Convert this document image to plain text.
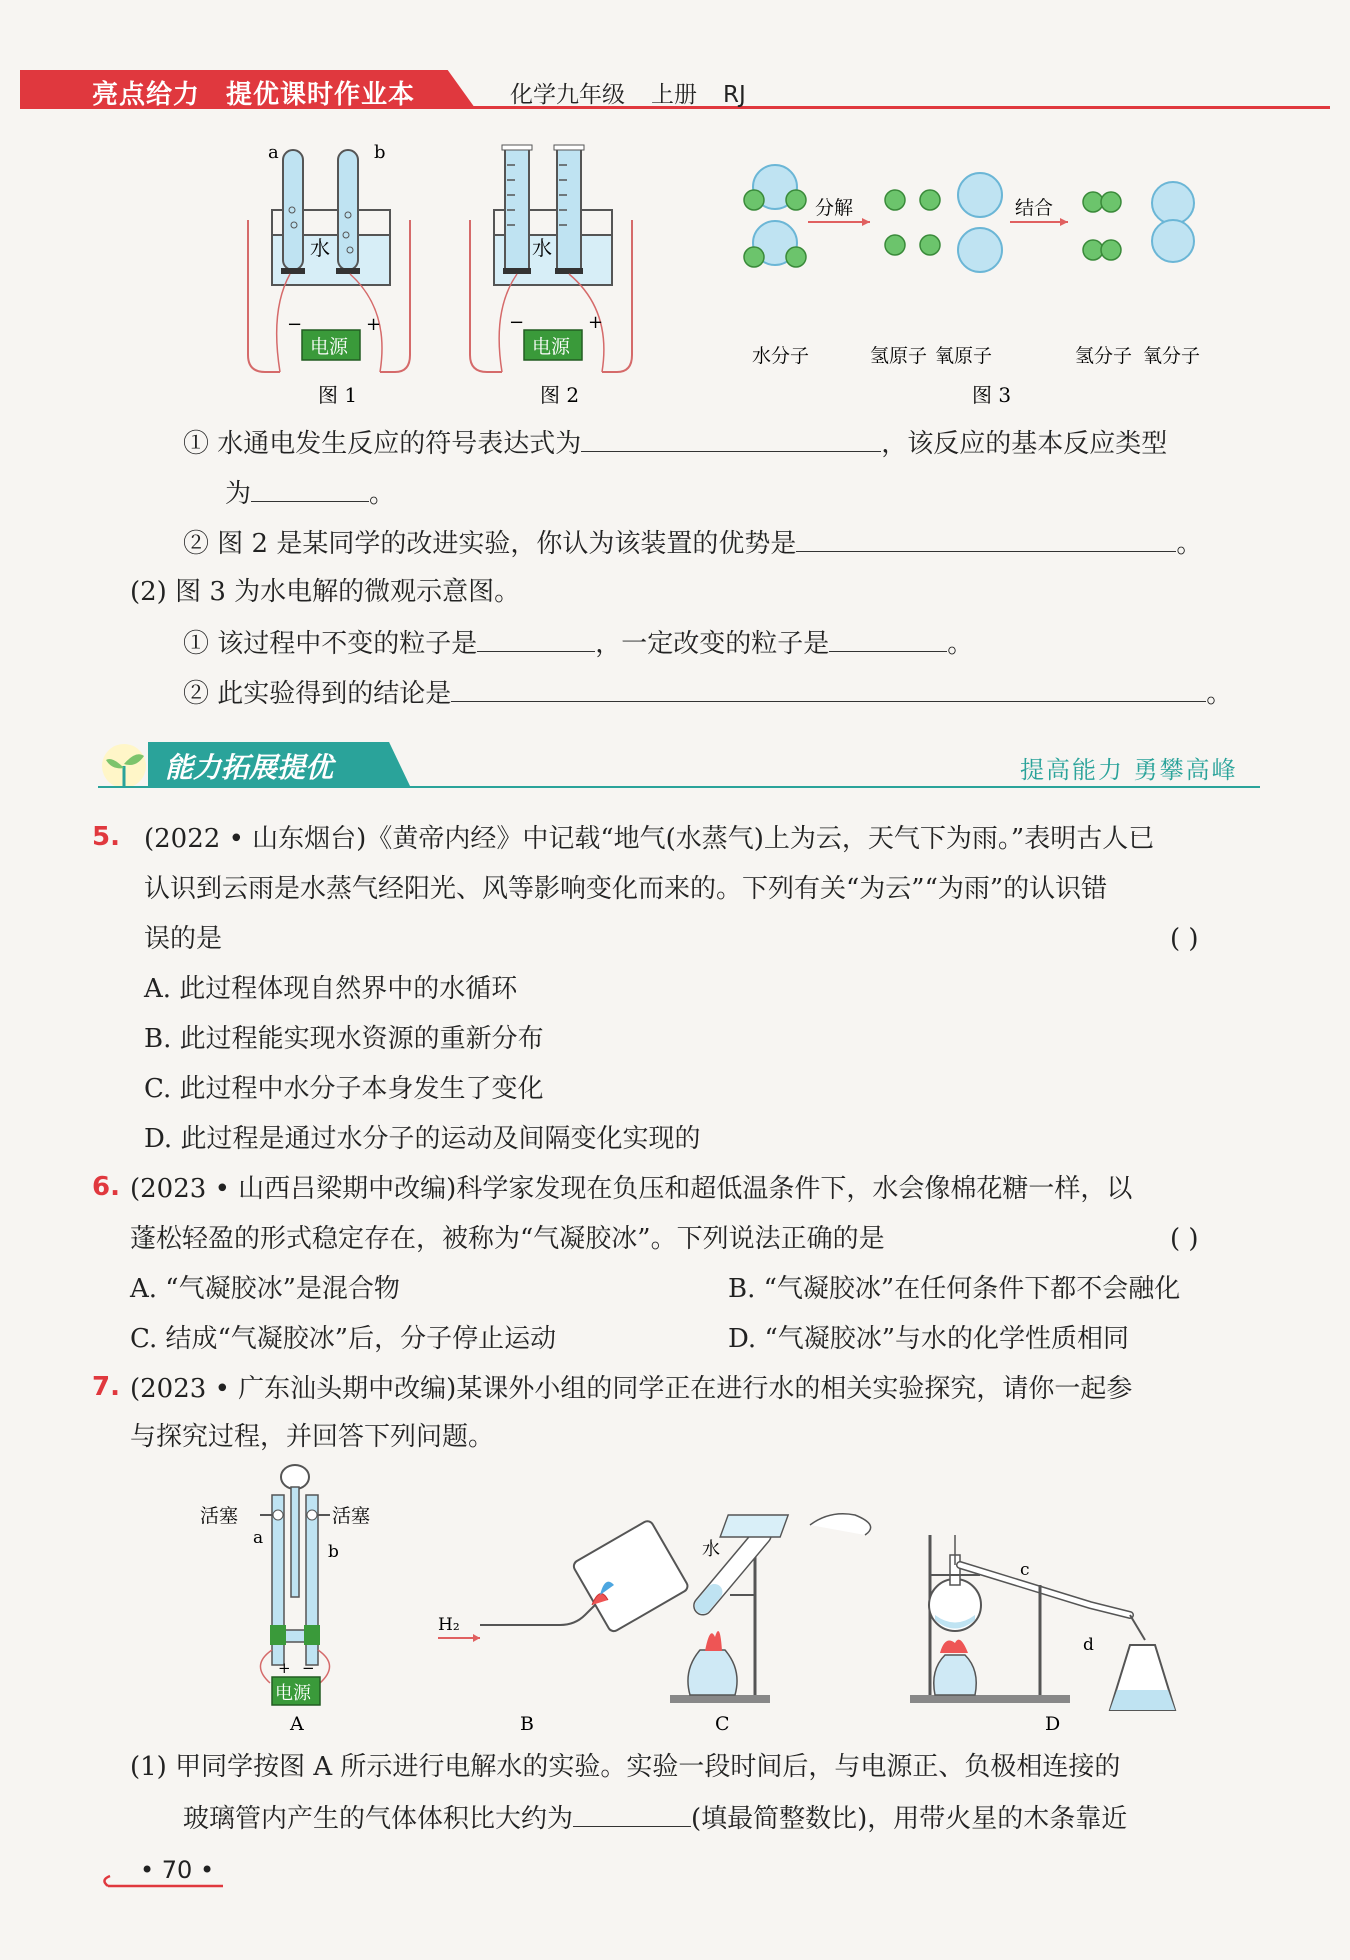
亮点给力 提优课时作业本	化学九年级 上册 RJ
a	b
水
电源
−	+
图 1
水
电源
−	+
图 2
分解	结合
水分子	氢原子 氧原子	氢分子 氧分子
图 3
① 水通电发生反应的符号表达式为	，该反应的基本反应类型
为	。
② 图 2 是某同学的改进实验，你认为该装置的优势是	。
(2) 图 3 为水电解的微观示意图。
① 该过程中不变的粒子是	，一定改变的粒子是	。
② 此实验得到的结论是	。
能力拓展提优	提高能力 勇攀高峰
5. (2022 • 山东烟台)《黄帝内经》中记载“地气(水蒸气)上为云，天气下为雨。”表明古人已
认识到云雨是水蒸气经阳光、风等影响变化而来的。下列有关“为云”“为雨”的认识错
误的是	( )
A. 此过程体现自然界中的水循环
B. 此过程能实现水资源的重新分布
C. 此过程中水分子本身发生了变化
D. 此过程是通过水分子的运动及间隔变化实现的
6. (2023 • 山西吕梁期中改编)科学家发现在负压和超低温条件下，水会像棉花糖一样，以
蓬松轻盈的形式稳定存在，被称为“气凝胶冰”。下列说法正确的是	( )
A. “气凝胶冰”是混合物	B. “气凝胶冰”在任何条件下都不会融化
C. 结成“气凝胶冰”后，分子停止运动	D. “气凝胶冰”与水的化学性质相同
7. (2023 • 广东汕头期中改编)某课外小组的同学正在进行水的相关实验探究，请你一起参
与探究过程，并回答下列问题。
活塞	活塞
a
b
+ −
电源
A
H₂
B
水
C
c
d
D
(1) 甲同学按图 A 所示进行电解水的实验。实验一段时间后，与电源正、负极相连接的
玻璃管内产生的气体体积比大约为	(填最简整数比)，用带火星的木条靠近
• 70 •
